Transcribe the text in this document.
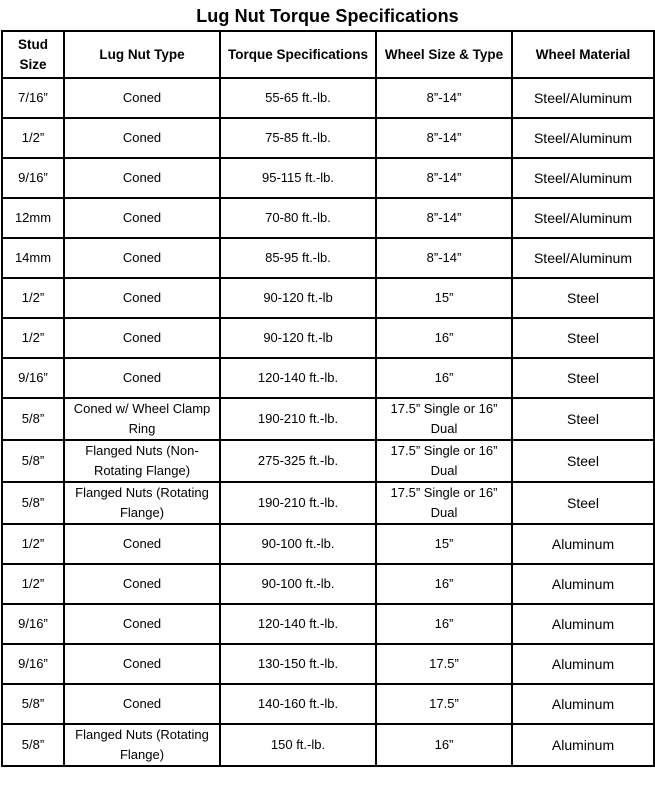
Lug Nut Torque Specifications
Stud Size	Lug Nut Type	Torque Specifications	Wheel Size & Type	Wheel Material
7/16”	Coned	55-65 ft.-lb.	8”-14”	Steel/Aluminum
1/2”	Coned	75-85 ft.-lb.	8”-14”	Steel/Aluminum
9/16”	Coned	95-115 ft.-lb.	8”-14”	Steel/Aluminum
12mm	Coned	70-80 ft.-lb.	8”-14”	Steel/Aluminum
14mm	Coned	85-95 ft.-lb.	8”-14”	Steel/Aluminum
1/2”	Coned	90-120 ft.-lb	15”	Steel
1/2”	Coned	90-120 ft.-lb	16”	Steel
9/16”	Coned	120-140 ft.-lb.	16”	Steel
5/8”	Coned w/ Wheel Clamp Ring	190-210 ft.-lb.	17.5” Single or 16” Dual	Steel
5/8”	Flanged Nuts (Non-Rotating Flange)	275-325 ft.-lb.	17.5” Single or 16” Dual	Steel
5/8”	Flanged Nuts (Rotating Flange)	190-210 ft.-lb.	17.5” Single or 16” Dual	Steel
1/2”	Coned	90-100 ft.-lb.	15”	Aluminum
1/2”	Coned	90-100 ft.-lb.	16”	Aluminum
9/16”	Coned	120-140 ft.-lb.	16”	Aluminum
9/16”	Coned	130-150 ft.-lb.	17.5”	Aluminum
5/8”	Coned	140-160 ft.-lb.	17.5”	Aluminum
5/8”	Flanged Nuts (Rotating Flange)	150 ft.-lb.	16”	Aluminum
